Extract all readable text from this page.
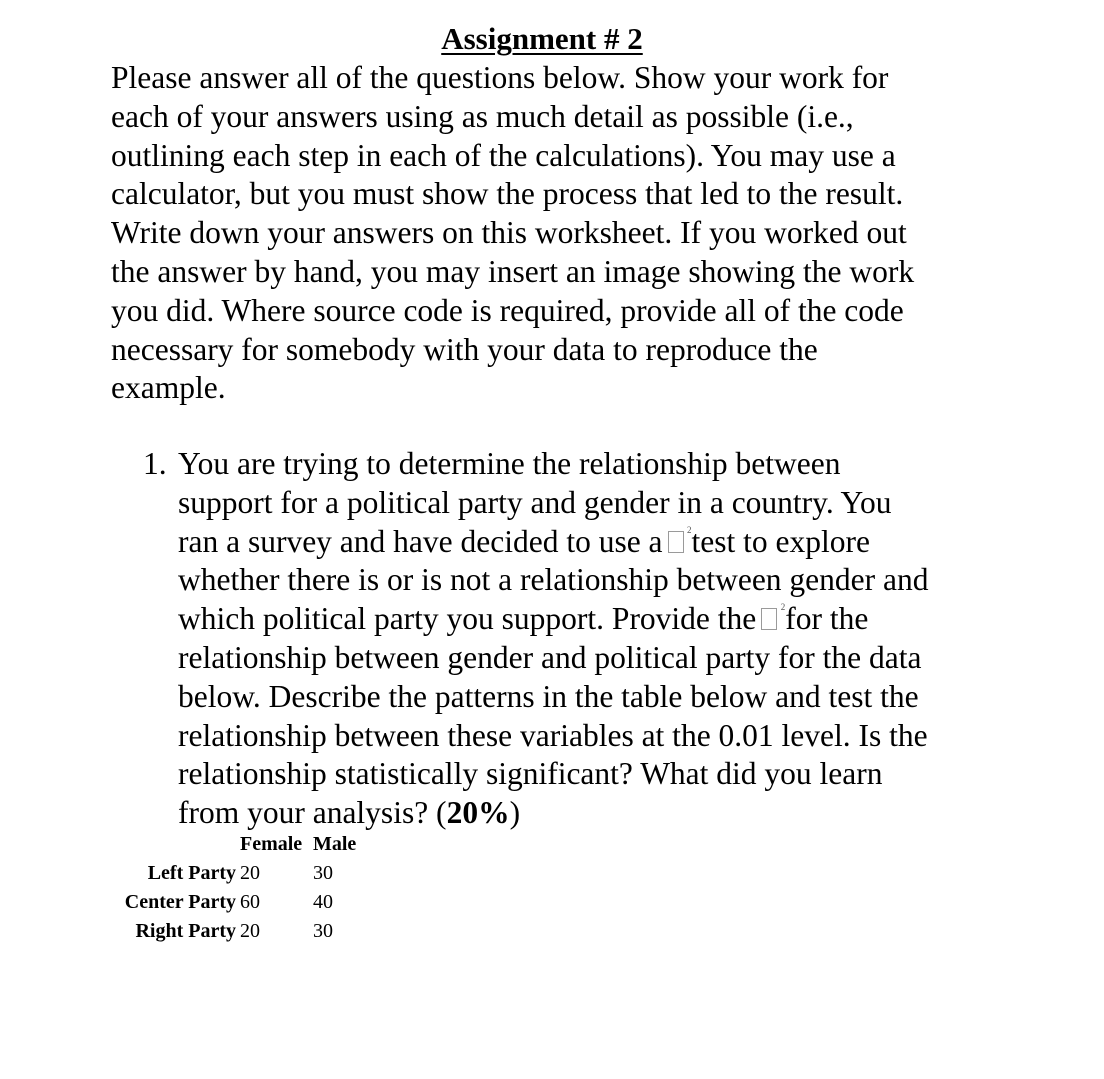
Assignment # 2
Please answer all of the questions below. Show your work for
each of your answers using as much detail as possible (i.e.,
outlining each step in each of the calculations). You may use a
calculator, but you must show the process that led to the result.
Write down your answers on this worksheet. If you worked out
the answer by hand, you may insert an image showing the work
you did. Where source code is required, provide all of the code
necessary for somebody with your data to reproduce the
example.
1. You are trying to determine the relationship between
support for a political party and gender in a country. You
ran a survey and have decided to use a	2 test to explore
whether there is or is not a relationship between gender and
which political party you support. Provide the	2 for the
relationship between gender and political party for the data
below. Describe the patterns in the table below and test the
relationship between these variables at the 0.01 level. Is the
relationship statistically significant? What did you learn
from your analysis? (20%)
Female Male
Left Party 20	30
Center Party 60	40
Right Party 20	30
